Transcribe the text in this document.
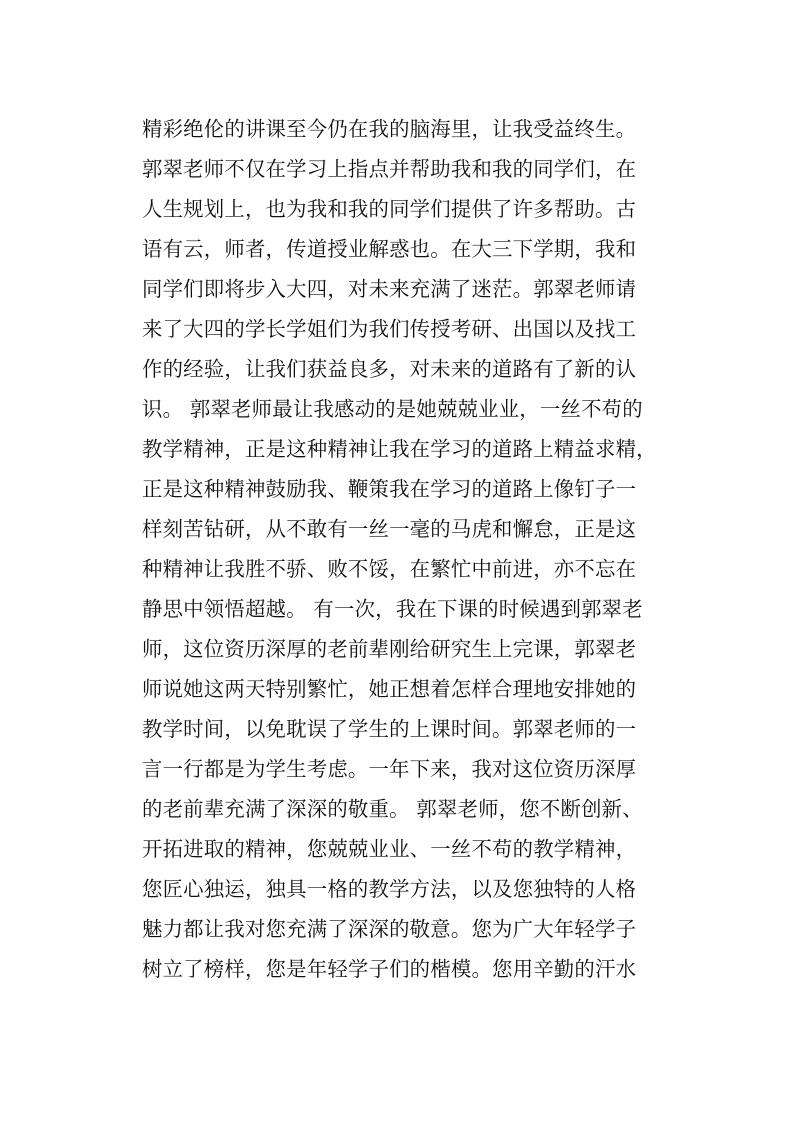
精彩绝伦的讲课至今仍在我的脑海里，让我受益终生。
郭翠老师不仅在学习上指点并帮助我和我的同学们，在
人生规划上，也为我和我的同学们提供了许多帮助。古
语有云，师者，传道授业解惑也。在大三下学期，我和
同学们即将步入大四，对未来充满了迷茫。郭翠老师请
来了大四的学长学姐们为我们传授考研、出国以及找工
作的经验，让我们获益良多，对未来的道路有了新的认
识。 郭翠老师最让我感动的是她兢兢业业，一丝不苟的
教学精神，正是这种精神让我在学习的道路上精益求精，
正是这种精神鼓励我、鞭策我在学习的道路上像钉子一
样刻苦钻研，从不敢有一丝一毫的马虎和懈怠，正是这
种精神让我胜不骄、败不馁，在繁忙中前进，亦不忘在
静思中领悟超越。 有一次，我在下课的时候遇到郭翠老
师，这位资历深厚的老前辈刚给研究生上完课，郭翠老
师说她这两天特别繁忙，她正想着怎样合理地安排她的
教学时间，以免耽误了学生的上课时间。郭翠老师的一
言一行都是为学生考虑。一年下来，我对这位资历深厚
的老前辈充满了深深的敬重。 郭翠老师，您不断创新、
开拓进取的精神，您兢兢业业、一丝不苟的教学精神，
您匠心独运，独具一格的教学方法，以及您独特的人格
魅力都让我对您充满了深深的敬意。您为广大年轻学子
树立了榜样，您是年轻学子们的楷模。您用辛勤的汗水
